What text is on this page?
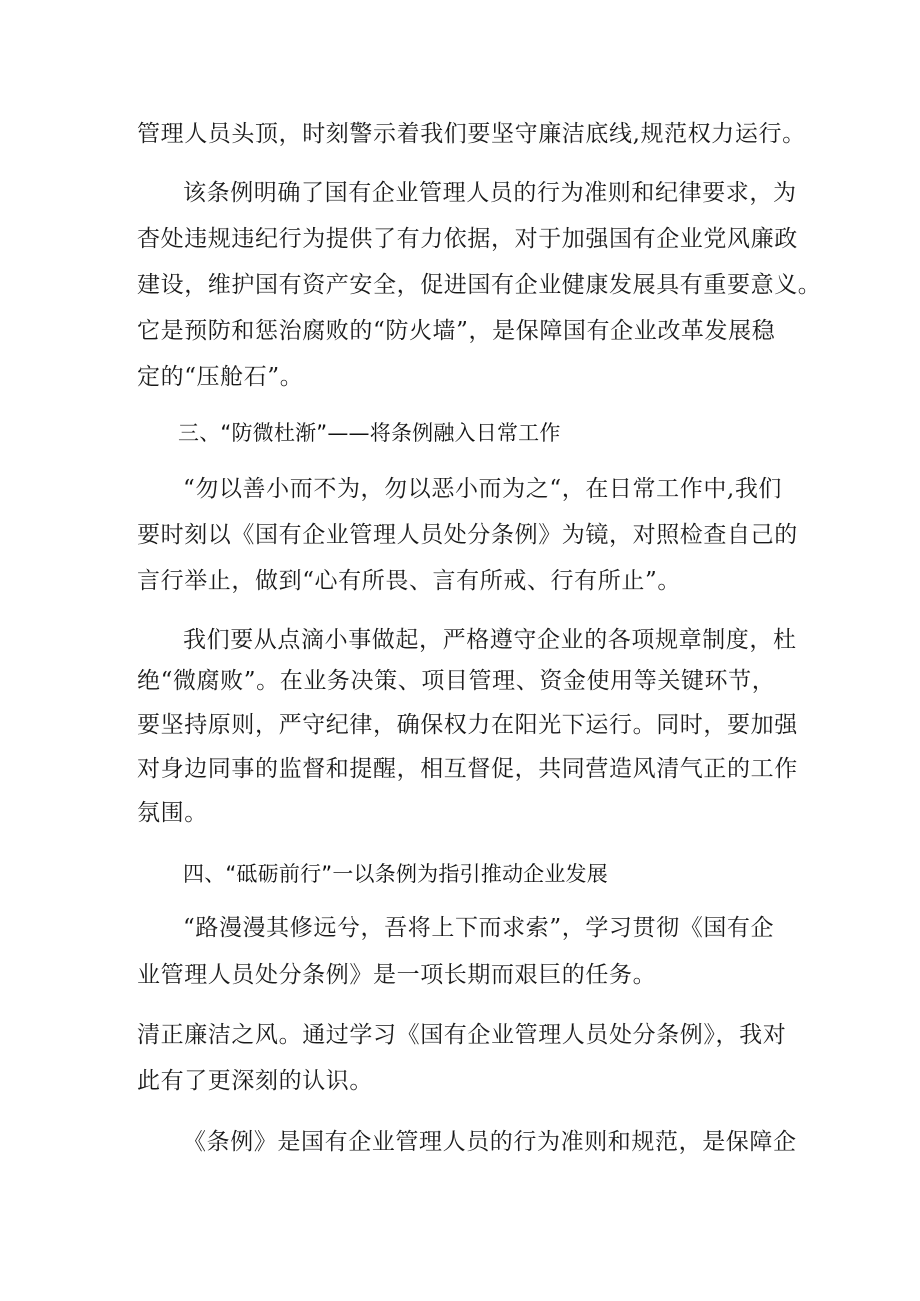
管理人员头顶，时刻警示着我们要坚守廉洁底线,规范权力运行。
该条例明确了国有企业管理人员的行为准则和纪律要求，为
杳处违规违纪行为提供了有力依据，对于加强国有企业党风廉政
建设，维护国有资产安全，促进国有企业健康发展具有重要意义。
它是预防和惩治腐败的“防火墙”，是保障国有企业改革发展稳
定的“压舱石”。
三、“防微杜渐”——将条例融入日常工作
“勿以善小而不为，勿以恶小而为之“，在日常工作中,我们
要时刻以《国有企业管理人员处分条例》为镜，对照检查自己的
言行举止，做到“心有所畏、言有所戒、行有所止”。
我们要从点滴小事做起，严格遵守企业的各项规章制度，杜
绝“微腐败”。在业务决策、项目管理、资金使用等关键环节，
要坚持原则，严守纪律，确保权力在阳光下运行。同时，要加强
对身边同事的监督和提醒，相互督促，共同营造风清气正的工作
氛围。
四、“砥砺前行”一以条例为指引推动企业发展
“路漫漫其修远兮，吾将上下而求索”，学习贯彻《国有企
业管理人员处分条例》是一项长期而艰巨的任务。
清正廉洁之风。通过学习《国有企业管理人员处分条例》，我对
此有了更深刻的认识。
《条例》是国有企业管理人员的行为准则和规范，是保障企
